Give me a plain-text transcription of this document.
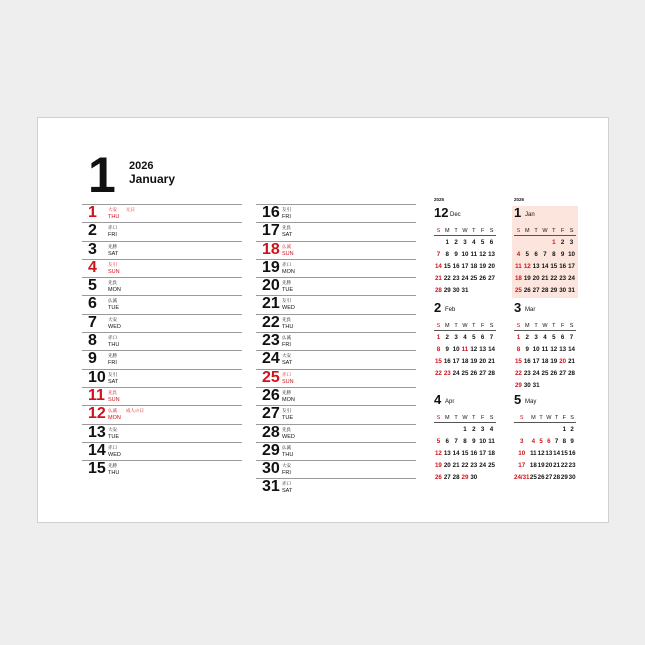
1 2026
January
1 大安
THU
元日
2 赤口
FRI
3 先勝
SAT
4 友引
SUN
5 先負
MON
6 仏滅
TUE
7 大安
WED
8 赤口
THU
9 先勝
FRI
10 友引
SAT
11 先負
SUN
12 仏滅
MON
成人の日
13 大安
TUE
14 赤口
WED
15 先勝
THU
16 友引
FRI
17 先負
SAT
18 仏滅
SUN
19 赤口
MON
20 先勝
TUE
21 友引
WED
22 先負
THU
23 仏滅
FRI
24 大安
SAT
25 赤口
SUN
26 先勝
MON
27 友引
TUE
28 先負
WED
29 仏滅
THU
30 大安
FRI
31 赤口
SAT
12 Dec
2025
S	M	T	W	T	F	S
	1	2	3	4	5	6
7	8	9	10	11	12	13
14	15	16	17	18	19	20
21	22	23	24	25	26	27
28	29	30	31			
1 Jan
2026
S	M	T	W	T	F	S
				1	2	3
4	5	6	7	8	9	10
11	12	13	14	15	16	17
18	19	20	21	22	23	24
25	26	27	28	29	30	31
2 Feb
S	M	T	W	T	F	S
1	2	3	4	5	6	7
8	9	10	11	12	13	14
15	16	17	18	19	20	21
22	23	24	25	26	27	28
3 Mar
S	M	T	W	T	F	S
1	2	3	4	5	6	7
8	9	10	11	12	13	14
15	16	17	18	19	20	21
22	23	24	25	26	27	28
29	30	31				
4 Apr
S	M	T	W	T	F	S
			1	2	3	4
5	6	7	8	9	10	11
12	13	14	15	16	17	18
19	20	21	22	23	24	25
26	27	28	29	30		
5 May
S	M	T	W	T	F	S
					1	2
3	4	5	6	7	8	9
10	11	12	13	14	15	16
17	18	19	20	21	22	23
24/31	25	26	27	28	29	30
